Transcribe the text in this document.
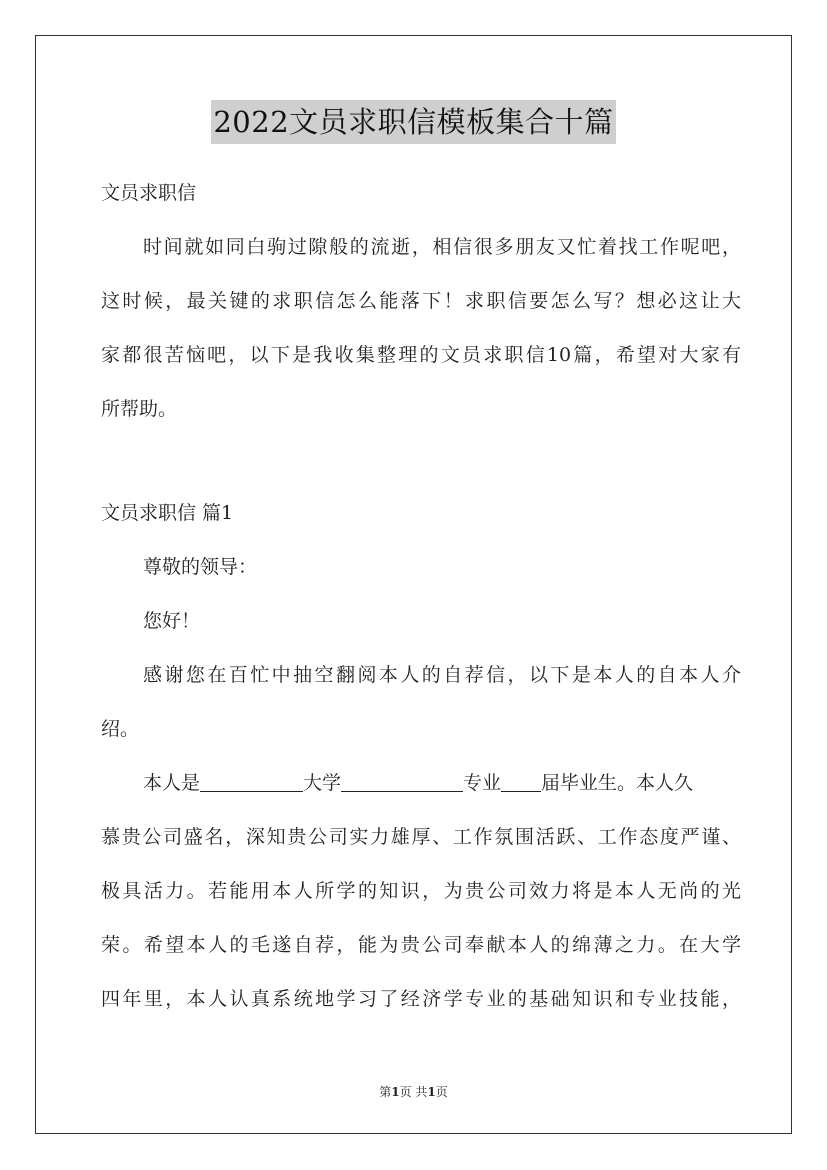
2022文员求职信模板集合十篇

文员求职信

时间就如同白驹过隙般的流逝，相信很多朋友又忙着找工作呢吧，

这时候，最关键的求职信怎么能落下！求职信要怎么写？想必这让大

家都很苦恼吧，以下是我收集整理的文员求职信10篇，希望对大家有

所帮助。

文员求职信 篇1

尊敬的领导：

您好！

感谢您在百忙中抽空翻阅本人的自荐信，以下是本人的自本人介

绍。

本人是	大学	专业 届毕业生。本人久

慕贵公司盛名，深知贵公司实力雄厚、工作氛围活跃、工作态度严谨、

极具活力。若能用本人所学的知识，为贵公司效力将是本人无尚的光

荣。希望本人的毛遂自荐，能为贵公司奉献本人的绵薄之力。在大学

四年里，本人认真系统地学习了经济学专业的基础知识和专业技能，

第1页 共1页
